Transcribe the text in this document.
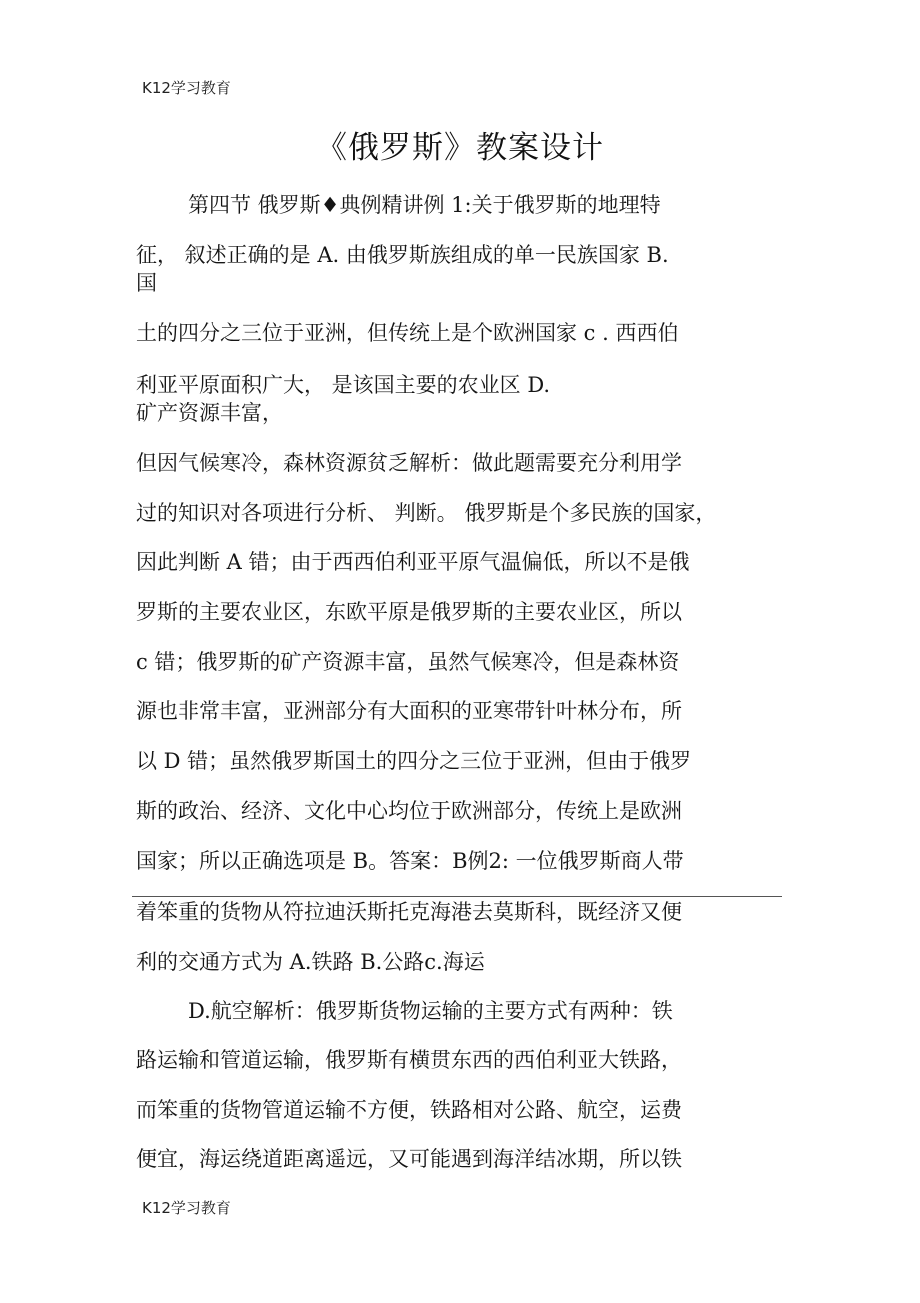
K12学习教育
《俄罗斯》教案设计
第四节 俄罗斯♦典例精讲例 1:关于俄罗斯的地理特
征， 叙述正确的是 A. 由俄罗斯族组成的单一民族国家 B.
国
土的四分之三位于亚洲，但传统上是个欧洲国家 c . 西西伯
利亚平原面积广大， 是该国主要的农业区 D.
矿产资源丰富，
但因气候寒冷，森林资源贫乏解析：做此题需要充分利用学
过的知识对各项进行分析、 判断。 俄罗斯是个多民族的国家，
因此判断 A 错；由于西西伯利亚平原气温偏低，所以不是俄
罗斯的主要农业区，东欧平原是俄罗斯的主要农业区，所以
c 错；俄罗斯的矿产资源丰富，虽然气候寒冷，但是森林资
源也非常丰富，亚洲部分有大面积的亚寒带针叶林分布，所
以 D 错；虽然俄罗斯国土的四分之三位于亚洲，但由于俄罗
斯的政治、经济、文化中心均位于欧洲部分，传统上是欧洲
国家；所以正确选项是 B。答案：B例2: 一位俄罗斯商人带
着笨重的货物从符拉迪沃斯托克海港去莫斯科，既经济又便
利的交通方式为 A.铁路 B.公路c.海运
D.航空解析：俄罗斯货物运输的主要方式有两种：铁
路运输和管道运输，俄罗斯有横贯东西的西伯利亚大铁路，
而笨重的货物管道运输不方便，铁路相对公路、航空，运费
便宜，海运绕道距离遥远，又可能遇到海洋结冰期，所以铁
K12学习教育
